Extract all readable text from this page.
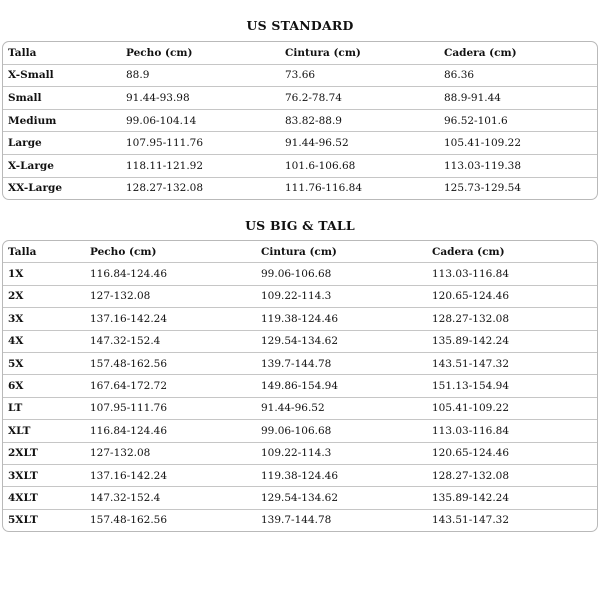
US STANDARD
Talla	Pecho (cm)	Cintura (cm)	Cadera (cm)
X-Small	88.9	73.66	86.36
Small	91.44-93.98	76.2-78.74	88.9-91.44
Medium	99.06-104.14	83.82-88.9	96.52-101.6
Large	107.95-111.76	91.44-96.52	105.41-109.22
X-Large	118.11-121.92	101.6-106.68	113.03-119.38
XX-Large	128.27-132.08	111.76-116.84	125.73-129.54
US BIG & TALL
Talla	Pecho (cm)	Cintura (cm)	Cadera (cm)
1X	116.84-124.46	99.06-106.68	113.03-116.84
2X	127-132.08	109.22-114.3	120.65-124.46
3X	137.16-142.24	119.38-124.46	128.27-132.08
4X	147.32-152.4	129.54-134.62	135.89-142.24
5X	157.48-162.56	139.7-144.78	143.51-147.32
6X	167.64-172.72	149.86-154.94	151.13-154.94
LT	107.95-111.76	91.44-96.52	105.41-109.22
XLT	116.84-124.46	99.06-106.68	113.03-116.84
2XLT	127-132.08	109.22-114.3	120.65-124.46
3XLT	137.16-142.24	119.38-124.46	128.27-132.08
4XLT	147.32-152.4	129.54-134.62	135.89-142.24
5XLT	157.48-162.56	139.7-144.78	143.51-147.32
